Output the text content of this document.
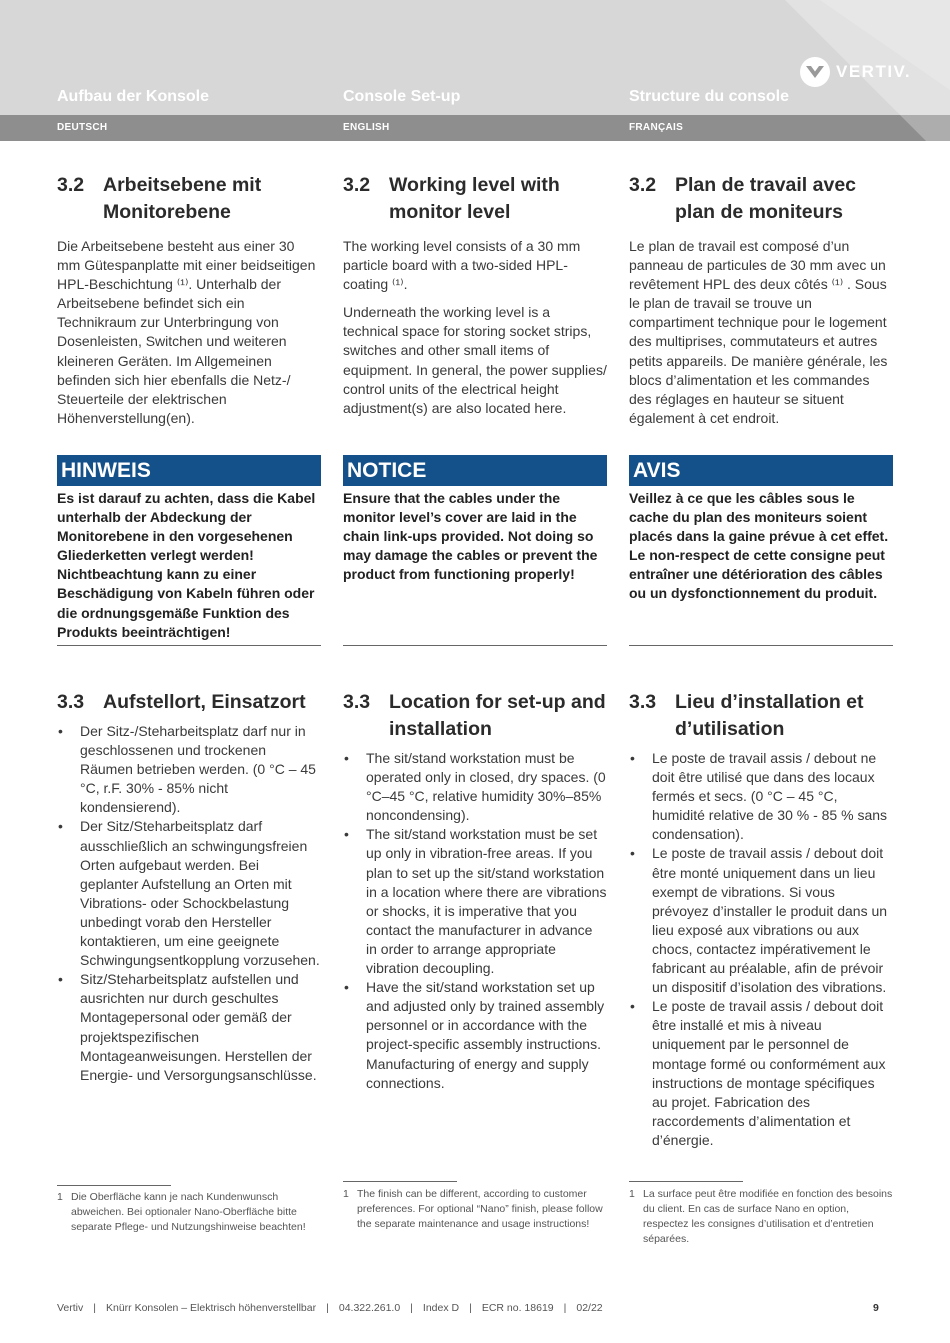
VERTIV.
Aufbau der Konsole	Console Set-up	Structure du console
DEUTSCH	ENGLISH	FRANÇAIS
3.2 Arbeitsebene mit Monitorebene

Die Arbeitsebene besteht aus einer 30 mm Gütespanplatte mit einer beidseitigen HPL-Beschichtung ⁽¹⁾. Unterhalb der Arbeitsebene befindet sich ein Technikraum zur Unterbringung von Dosenleisten, Switchen und weiteren kleineren Geräten. Im Allgemeinen befinden sich hier ebenfalls die Netz-/ Steuerteile der elektrischen Höhenverstellung(en).

HINWEIS

Es ist darauf zu achten, dass die Kabel unterhalb der Abdeckung der Monitorebene in den vorgesehenen Gliederketten verlegt werden! Nichtbeachtung kann zu einer Beschädigung von Kabeln führen oder die ordnungsgemäße Funktion des Produkts beeinträchtigen!

3.3 Aufstellort, Einsatzort
• Der Sitz-/Steharbeitsplatz darf nur in geschlossenen und trockenen Räumen betrieben werden. (0 °C – 45 °C, r.F. 30% - 85% nicht kondensierend).
• Der Sitz/Steharbeitsplatz darf ausschließlich an schwingungsfreien Orten aufgebaut werden. Bei geplanter Aufstellung an Orten mit Vibrations- oder Schockbelastung unbedingt vorab den Hersteller kontaktieren, um eine geeignete Schwingungsentkopplung vorzusehen.
• Sitz/Steharbeitsplatz aufstellen und ausrichten nur durch geschultes Montagepersonal oder gemäß der projektspezifischen Montageanweisungen. Herstellen der Energie- und Versorgungsanschlüsse.
1 Die Oberfläche kann je nach Kundenwunsch abweichen. Bei optionaler Nano-Oberfläche bitte separate Pflege- und Nutzungshinweise beachten!
3.2 Working level with monitor level

The working level consists of a 30 mm particle board with a two-sided HPL-coating ⁽¹⁾.

Underneath the working level is a technical space for storing socket strips, switches and other small items of equipment. In general, the power supplies/ control units of the electrical height adjustment(s) are also located here.

NOTICE

Ensure that the cables under the monitor level’s cover are laid in the chain link-ups provided. Not doing so may damage the cables or prevent the product from functioning properly!

3.3 Location for set-up and installation
• The sit/stand workstation must be operated only in closed, dry spaces. (0 °C–45 °C, relative humidity 30%–85% noncondensing).
• The sit/stand workstation must be set up only in vibration-free areas. If you plan to set up the sit/stand workstation in a location where there are vibrations or shocks, it is imperative that you contact the manufacturer in advance in order to arrange appropriate vibration decoupling.
• Have the sit/stand workstation set up and adjusted only by trained assembly personnel or in accordance with the project-specific assembly instructions. Manufacturing of energy and supply connections.
1 The finish can be different, according to customer preferences. For optional “Nano” finish, please follow the separate maintenance and usage instructions!
3.2 Plan de travail avec plan de moniteurs

Le plan de travail est composé d’un panneau de particules de 30 mm avec un revêtement HPL des deux côtés ⁽¹⁾ . Sous le plan de travail se trouve un compartiment technique pour le logement des multiprises, commutateurs et autres petits appareils. De manière générale, les blocs d’alimentation et les commandes des réglages en hauteur se situent également à cet endroit.

AVIS

Veillez à ce que les câbles sous le cache du plan des moniteurs soient placés dans la gaine prévue à cet effet. Le non-respect de cette consigne peut entraîner une détérioration des câbles ou un dysfonctionnement du produit.

3.3 Lieu d’installation et d’utilisation
• Le poste de travail assis / debout ne doit être utilisé que dans des locaux fermés et secs. (0 °C – 45 °C, humidité relative de 30 % - 85 % sans condensation).
• Le poste de travail assis / debout doit être monté uniquement dans un lieu exempt de vibrations. Si vous prévoyez d’installer le produit dans un lieu exposé aux vibrations ou aux chocs, contactez impérativement le fabricant au préalable, afin de prévoir un dispositif d’isolation des vibrations.
• Le poste de travail assis / debout doit être installé et mis à niveau uniquement par le personnel de montage formé ou conformément aux instructions de montage spécifiques au projet. Fabrication des raccordements d’alimentation et d’énergie.
1 La surface peut être modifiée en fonction des besoins du client. En cas de surface Nano en option, respectez les consignes d’utilisation et d’entretien séparées.
Vertiv | Knürr Konsolen – Elektrisch höhenverstellbar | 04.322.261.0 | Index D | ECR no. 18619 | 02/22	9
